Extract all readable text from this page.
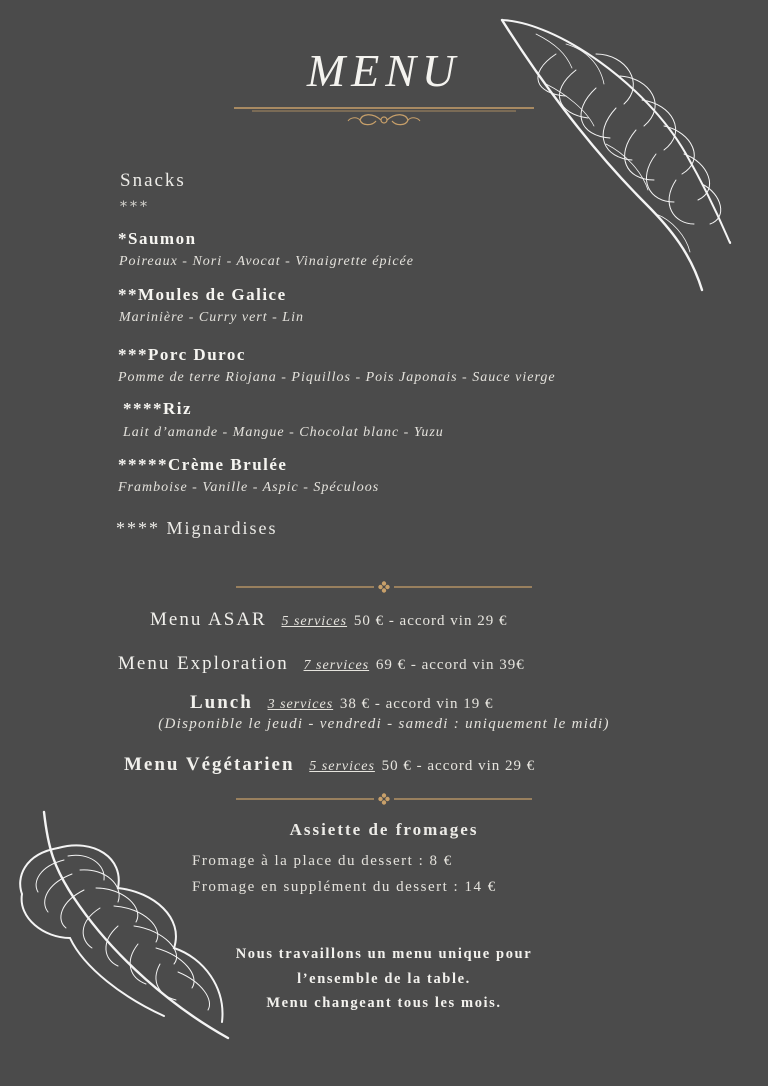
MENU
Snacks
***
*Saumon
Poireaux - Nori - Avocat - Vinaigrette épicée
**Moules de Galice
Marinière - Curry vert - Lin
***Porc Duroc
Pomme de terre Riojana - Piquillos - Pois Japonais - Sauce vierge
****Riz
Lait d’amande - Mangue - Chocolat blanc - Yuzu
*****Crème Brulée
Framboise - Vanille - Aspic - Spéculoos
**** Mignardises
Menu ASAR 5 services 50 € - accord vin 29 €
Menu Exploration 7 services 69 € - accord vin 39€
Lunch 3 services 38 € - accord vin 19 €
(Disponible le jeudi - vendredi - samedi : uniquement le midi)
Menu Végétarien 5 services 50 € - accord vin 29 €
Assiette de fromages
Fromage à la place du dessert : 8 €
Fromage en supplément du dessert : 14 €
Nous travaillons un menu unique pour
l’ensemble de la table.
Menu changeant tous les mois.
